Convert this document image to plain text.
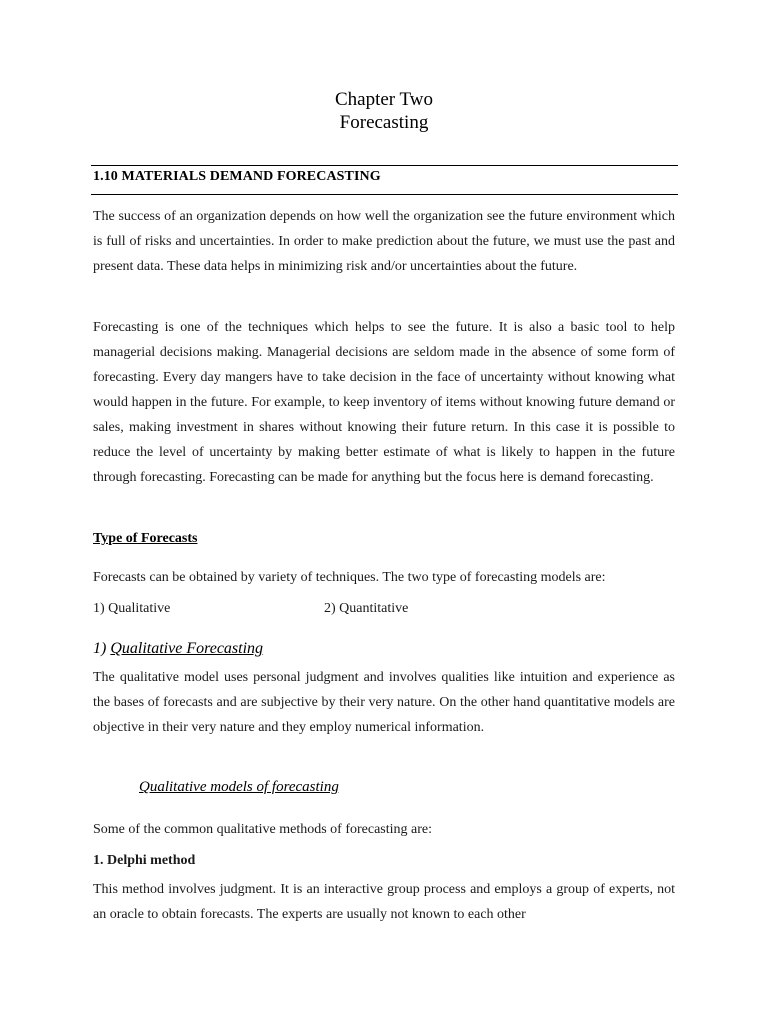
Chapter Two
Forecasting
1.10 MATERIALS DEMAND FORECASTING

The success of an organization depends on how well the organization see the future environment which is full of risks and uncertainties. In order to make prediction about the future, we must use the past and present data. These data helps in minimizing risk and/or uncertainties about the future.

Forecasting is one of the techniques which helps to see the future. It is also a basic tool to help managerial decisions making. Managerial decisions are seldom made in the absence of some form of forecasting. Every day mangers have to take decision in the face of uncertainty without knowing what would happen in the future. For example, to keep inventory of items without knowing future demand or sales, making investment in shares without knowing their future return. In this case it is possible to reduce the level of uncertainty by making better estimate of what is likely to happen in the future through forecasting. Forecasting can be made for anything but the focus here is demand forecasting.

Type of Forecasts

Forecasts can be obtained by variety of techniques. The two type of forecasting models are:

1) Qualitative	2) Quantitative
1) Qualitative Forecasting

The qualitative model uses personal judgment and involves qualities like intuition and experience as the bases of forecasts and are subjective by their very nature. On the other hand quantitative models are objective in their very nature and they employ numerical information.

Qualitative models of forecasting

Some of the common qualitative methods of forecasting are:

1. Delphi method

This method involves judgment. It is an interactive group process and employs a group of experts, not an oracle to obtain forecasts. The experts are usually not known to each other
